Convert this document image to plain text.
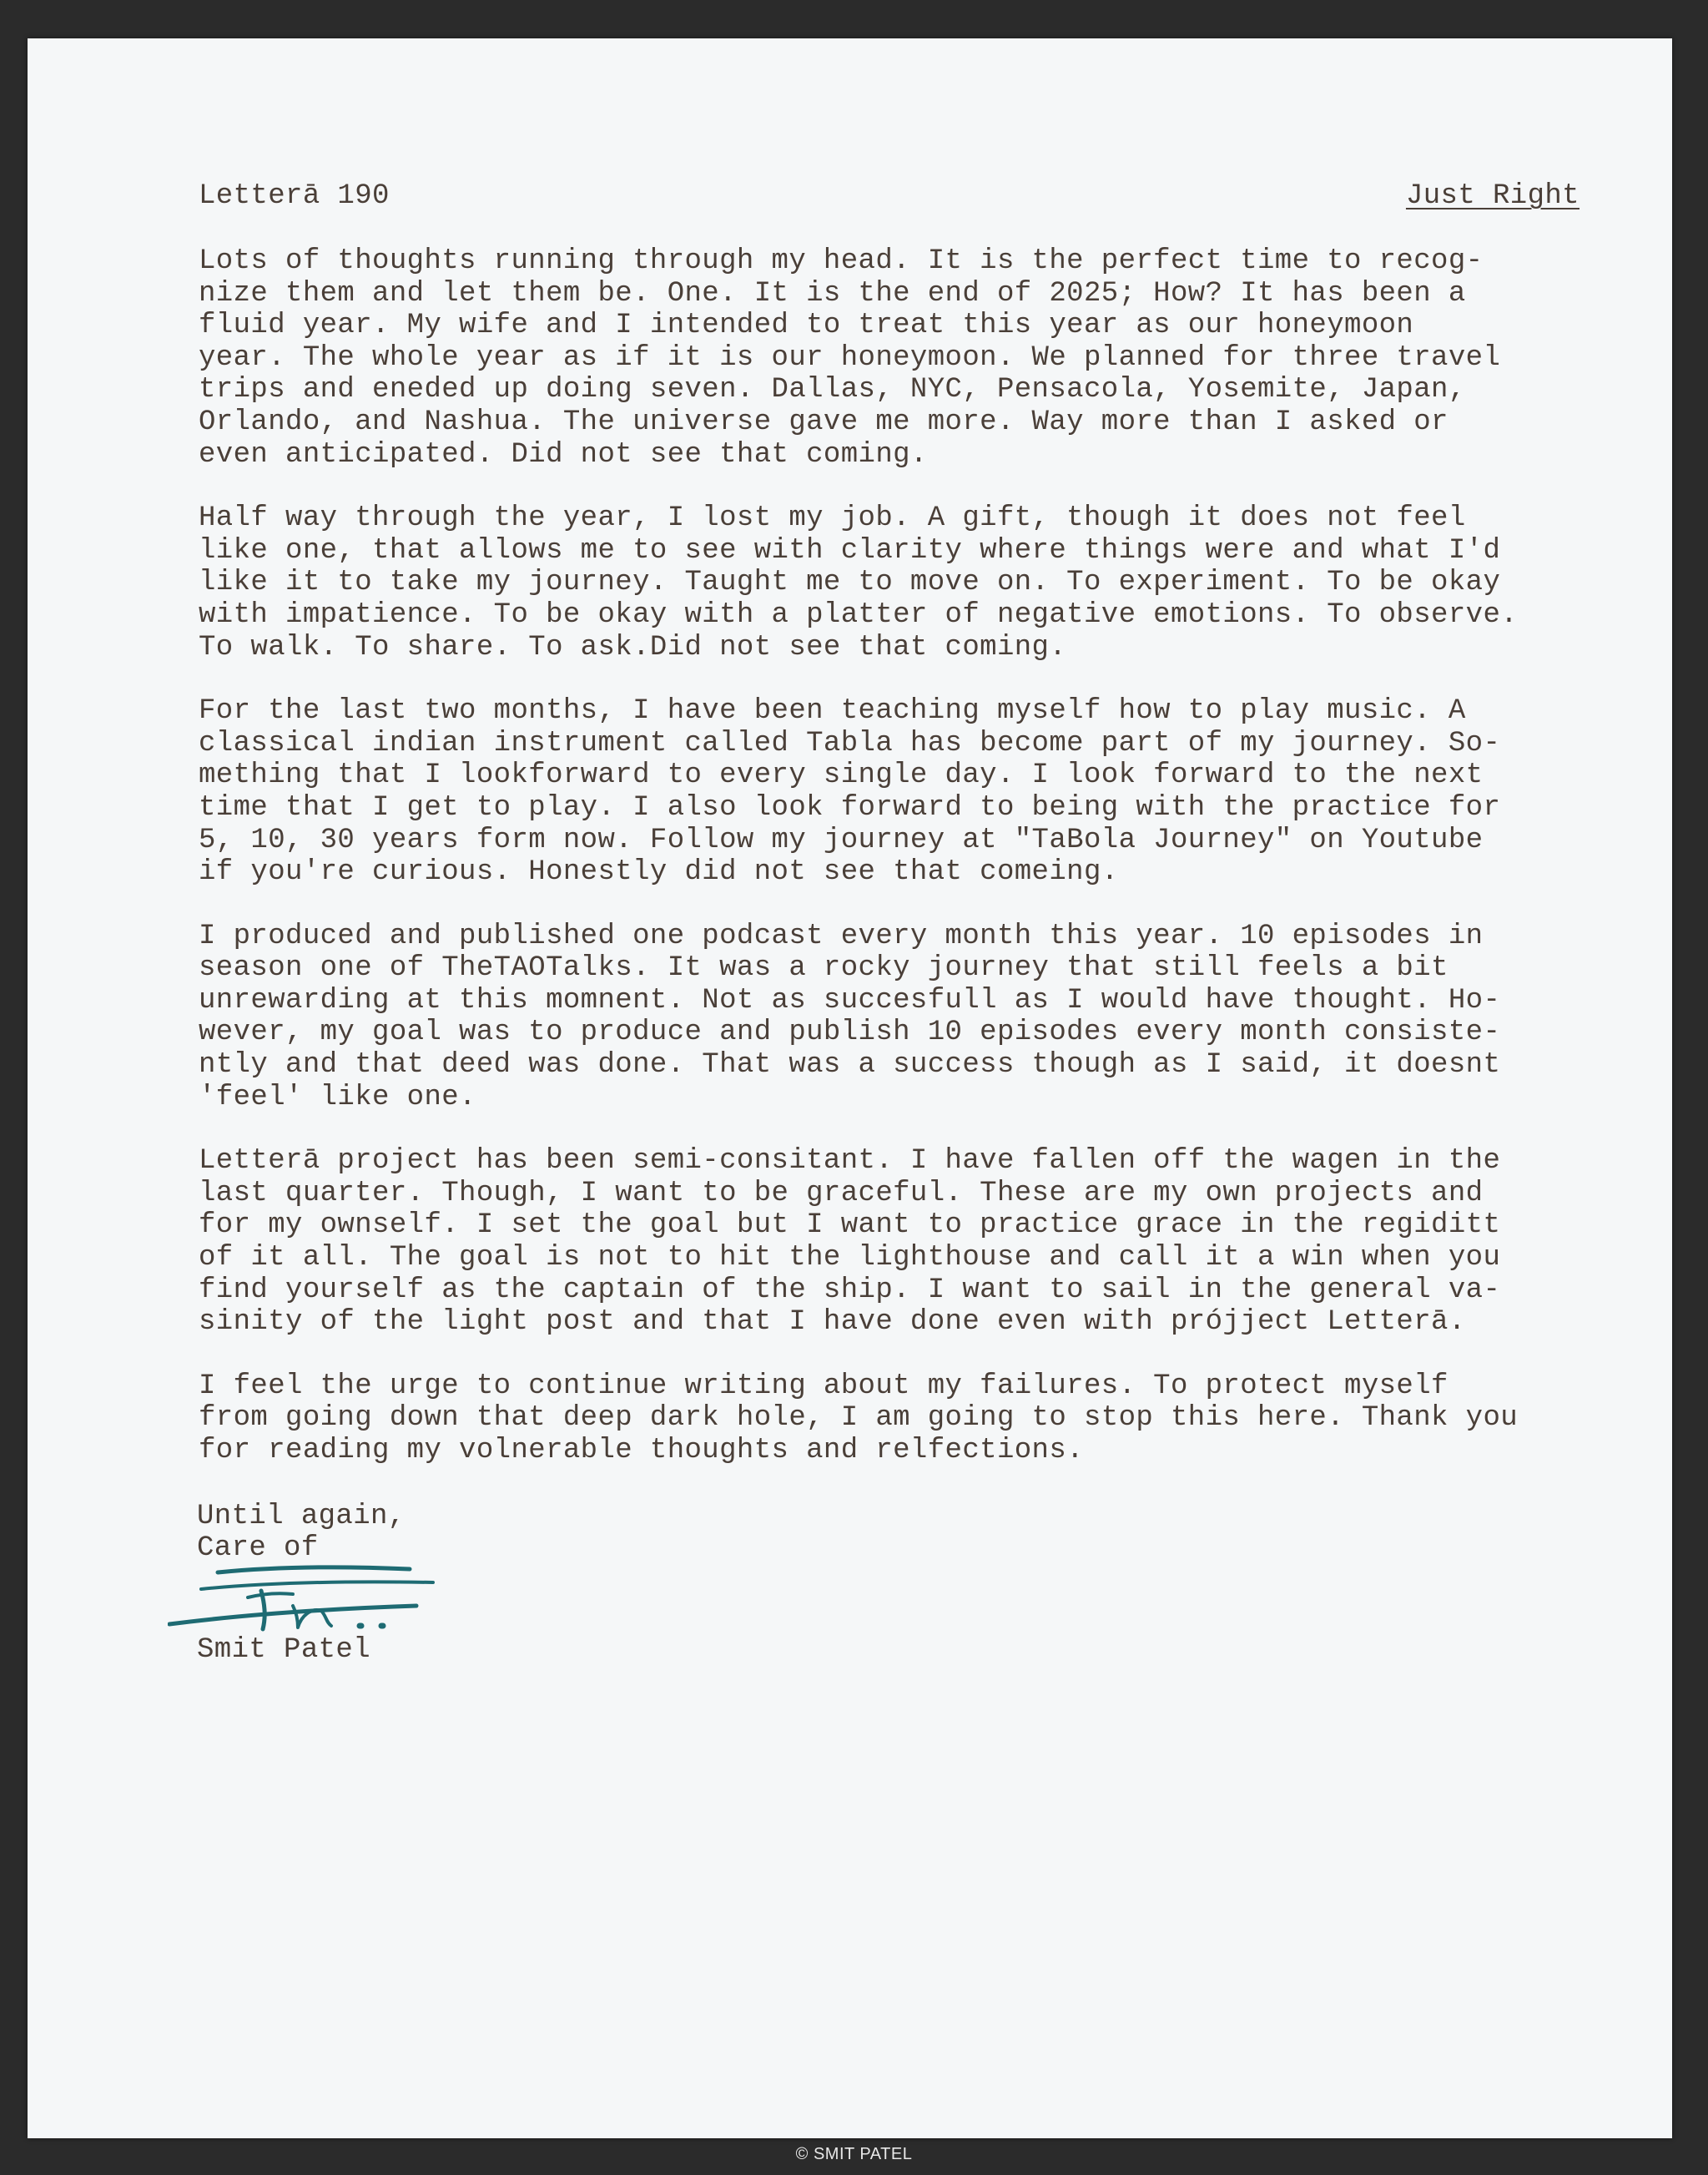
Letterā 190	Just Right
Lots of thoughts running through my head. It is the perfect time to recog-
nize them and let them be. One. It is the end of 2025; How? It has been a
fluid year. My wife and I intended to treat this year as our honeymoon
year. The whole year as if it is our honeymoon. We planned for three travel
trips and eneded up doing seven. Dallas, NYC, Pensacola, Yosemite, Japan,
Orlando, and Nashua. The universe gave me more. Way more than I asked or
even anticipated. Did not see that coming.
Half way through the year, I lost my job. A gift, though it does not feel
like one, that allows me to see with clarity where things were and what I'd
like it to take my journey. Taught me to move on. To experiment. To be okay
with impatience. To be okay with a platter of negative emotions. To observe.
To walk. To share. To ask.Did not see that coming.
For the last two months, I have been teaching myself how to play music. A
classical indian instrument called Tabla has become part of my journey. So-
mething that I lookforward to every single day. I look forward to the next
time that I get to play. I also look forward to being with the practice for
5, 10, 30 years form now. Follow my journey at "TaBola Journey" on Youtube
if you're curious. Honestly did not see that comeing.
I produced and published one podcast every month this year. 10 episodes in
season one of TheTAOTalks. It was a rocky journey that still feels a bit
unrewarding at this momnent. Not as succesfull as I would have thought. Ho-
wever, my goal was to produce and publish 10 episodes every month consiste-
ntly and that deed was done. That was a success though as I said, it doesnt
'feel' like one.
Letterā project has been semi-consitant. I have fallen off the wagen in the
last quarter. Though, I want to be graceful. These are my own projects and
for my ownself. I set the goal but I want to practice grace in the regiditt
of it all. The goal is not to hit the lighthouse and call it a win when you
find yourself as the captain of the ship. I want to sail in the general va-
sinity of the light post and that I have done even with prójject Letterā.
I feel the urge to continue writing about my failures. To protect myself
from going down that deep dark hole, I am going to stop this here. Thank you
for reading my volnerable thoughts and relfections.
Until again,
Care of
Smit Patel
© SMIT PATEL
